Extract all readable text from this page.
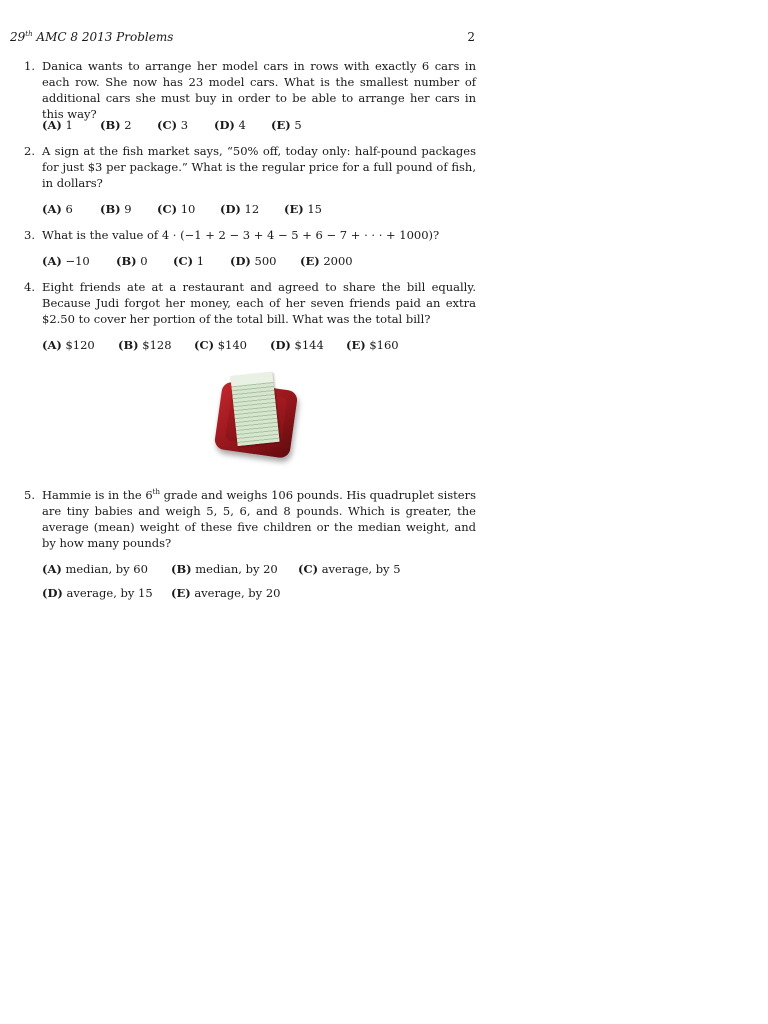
29th AMC 8 2013 Problems	2
1. Danica wants to arrange her model cars in rows with exactly 6 cars in each row. She now has 23 model cars. What is the smallest number of additional cars she must buy in order to be able to arrange her cars in this way?
(A) 1 (B) 2 (C) 3 (D) 4 (E) 5
2. A sign at the fish market says, “50% off, today only: half-pound packages for just $3 per package.” What is the regular price for a full pound of fish, in dollars?
(A) 6 (B) 9 (C) 10 (D) 12 (E) 15
3. What is the value of 4 · (−1 + 2 − 3 + 4 − 5 + 6 − 7 + · · · + 1000)?
(A) −10 (B) 0 (C) 1 (D) 500 (E) 2000
4. Eight friends ate at a restaurant and agreed to share the bill equally. Because Judi forgot her money, each of her seven friends paid an extra $2.50 to cover her portion of the total bill. What was the total bill?
(A) $120 (B) $128 (C) $140 (D) $144 (E) $160
5. Hammie is in the 6th grade and weighs 106 pounds. His quadruplet sisters are tiny babies and weigh 5, 5, 6, and 8 pounds. Which is greater, the average (mean) weight of these five children or the median weight, and by how many pounds?
(A) median, by 60 (B) median, by 20 (C) average, by 5
(D) average, by 15 (E) average, by 20
